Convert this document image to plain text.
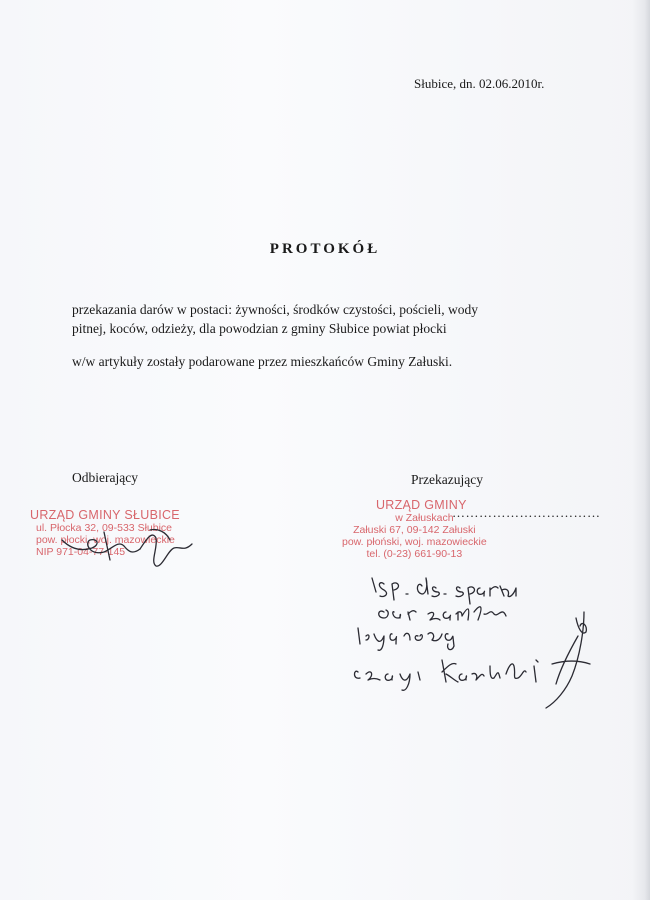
Słubice, dn. 02.06.2010r.
PROTOKÓŁ
przekazania darów w postaci: żywności, środków czystości, pościeli, wody
pitnej, koców, odzieży, dla powodzian z gminy Słubice powiat płocki
w/w artykuły zostały podarowane przez mieszkańców Gminy Załuski.
Odbierający	Przekazujący
……………………………
URZĄD GMINY SŁUBICE
ul. Płocka 32, 09-533 Słubice
pow. płocki, woj. mazowieckie
NIP 971-04-77-145
URZĄD GMINY
w Załuskach
Załuski 67, 09-142 Załuski
pow. płoński, woj. mazowieckie
tel. (0-23) 661-90-13
